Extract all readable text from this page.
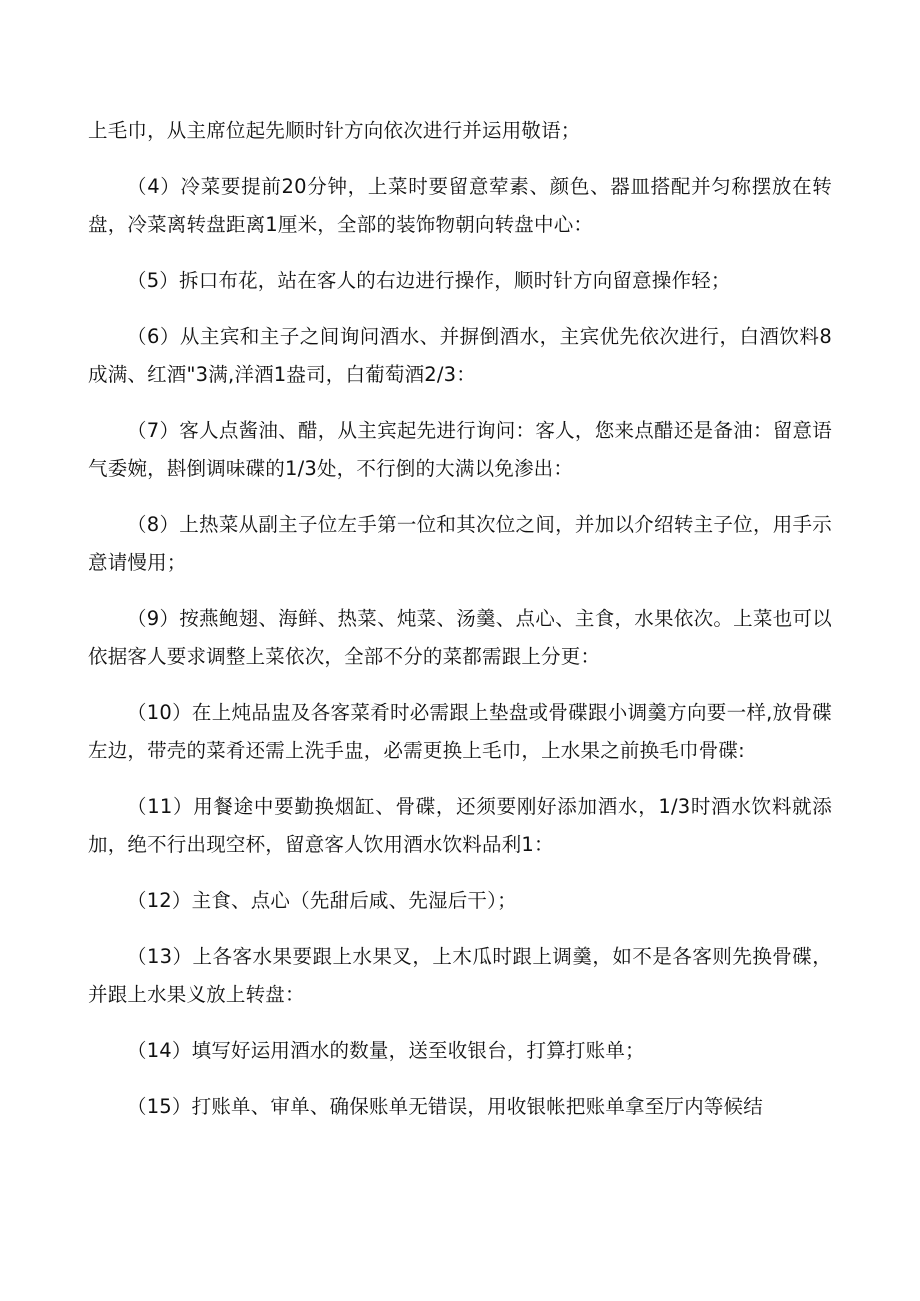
上毛巾，从主席位起先顺时针方向依次进行并运用敬语；

（4）冷菜要提前20分钟，上菜时要留意荤素、颜色、器皿搭配并匀称摆放在转盘，冷菜离转盘距离1厘米，全部的装饰物朝向转盘中心：

（5）拆口布花，站在客人的右边进行操作，顺时针方向留意操作轻；

（6）从主宾和主子之间询问酒水、并摒倒酒水，主宾优先依次进行，白酒饮料8成满、红酒"3满,洋酒1盎司，白葡萄酒2/3：

（7）客人点酱油、醋，从主宾起先进行询问：客人，您来点醋还是备油：留意语气委婉，斟倒调味碟的1/3处，不行倒的大满以免渗出：

（8）上热菜从副主子位左手第一位和其次位之间，并加以介绍转主子位，用手示意请慢用；

（9）按燕鲍翅、海鲜、热菜、炖菜、汤羹、点心、主食，水果依次。上菜也可以依据客人要求调整上菜依次，全部不分的菜都需跟上分更：

（10）在上炖品盅及各客菜肴时必需跟上垫盘或骨碟跟小调羹方向要一样,放骨碟左边，带壳的菜肴还需上洗手盅，必需更换上毛巾，上水果之前换毛巾骨碟:

（11）用餐途中要勤换烟缸、骨碟，还须要刚好添加酒水，1/3时酒水饮料就添加，绝不行出现空杯，留意客人饮用酒水饮料品利1：

（12）主食、点心（先甜后咸、先湿后干）；

（13）上各客水果要跟上水果叉，上木瓜时跟上调羹，如不是各客则先换骨碟，并跟上水果义放上转盘：

（14）填写好运用酒水的数量，送至收银台，打算打账单；

（15）打账单、审单、确保账单无错误，用收银帐把账单拿至厅内等候结
